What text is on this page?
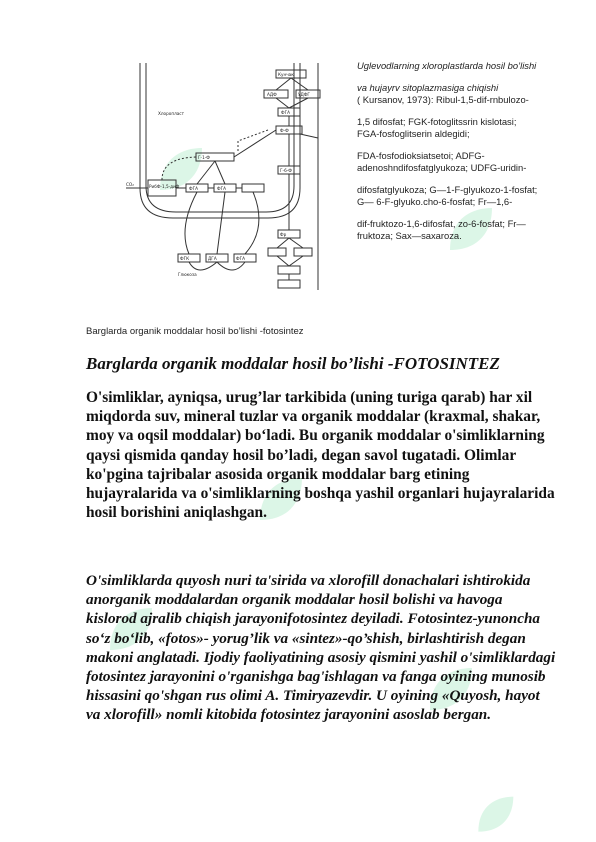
Кунчак
АДФ	УДФГ
Хлоропласт	ФГА
Ф-Ф
РибФ-1,5-диФ ФГА	ФГА
Г-1-Ф
Г-6-Ф
Фр
Глюкоза
СО₂
ФГК	ДГА	ФГА

Uglevodlarning xloroplastlarda hosil bo’lishi

va hujayrv sitoplazmasiga chiqishi

( Kursanov, 1973): Ribul-1,5-dif-rnbulozo-

1,5 difosfat; FGK-fotoglitssrin kislotasi;

FGA-fosfoglitserin aldegidi;

FDA-fosfodioksiatsetoi; ADFG-

adenoshndifosfatglyukoza; UDFG-uridin-

difosfatglyukoza; G—1-F-glyukozo-1-fosfat;

G— 6-F-glyuko.cho-6-fosfat; Fr—1,6-

dif-fruktozo-1,6-difosfat, zo-6-fosfat; Fr—

fruktoza; Sax—saxaroza.

Barglarda organik moddalar hosil bo’lishi -fotosintez
Barglarda organik moddalar hosil bo’lishi -FOTOSINTEZ

O'simliklar, ayniqsa, urug’lar tarkibida (uning turiga qarab) har xil miqdorda suv, mineral tuzlar va organik moddalar (kraxmal, shakar, moy va oqsil moddalar) bo‘ladi. Bu organik moddalar o'simliklarning qaysi qismida qanday hosil bo’ladi, degan savol tugatadi. Olimlar ko'pgina tajribalar asosida organik moddalar barg etining hujayralarida va o'simliklarning boshqa yashil organlari hujayralarida hosil borishini aniqlashgan.

O'simliklarda quyosh nuri ta'sirida va xlorofill donachalari ishtirokida anorganik moddalardan organik moddalar hosil bolishi va havoga kislorod ajralib chiqish jarayonifotosintez deyiladi. Fotosintez-yunoncha so‘z bo‘lib, «fotos»- yorug’lik va «sintez»-qo’shish, birlashtirish degan makoni anglatadi. Ijodiy faoliyatining asosiy qismini yashil o'simliklardagi fotosintez jarayonini o'rganishga bag'ishlagan va fanga oyining munosib hissasini qo'shgan rus olimi A. Timiryazevdir. U oyining «Quyosh, hayot va xlorofill» nomli kitobida fotosintez jarayonini asoslab bergan.
